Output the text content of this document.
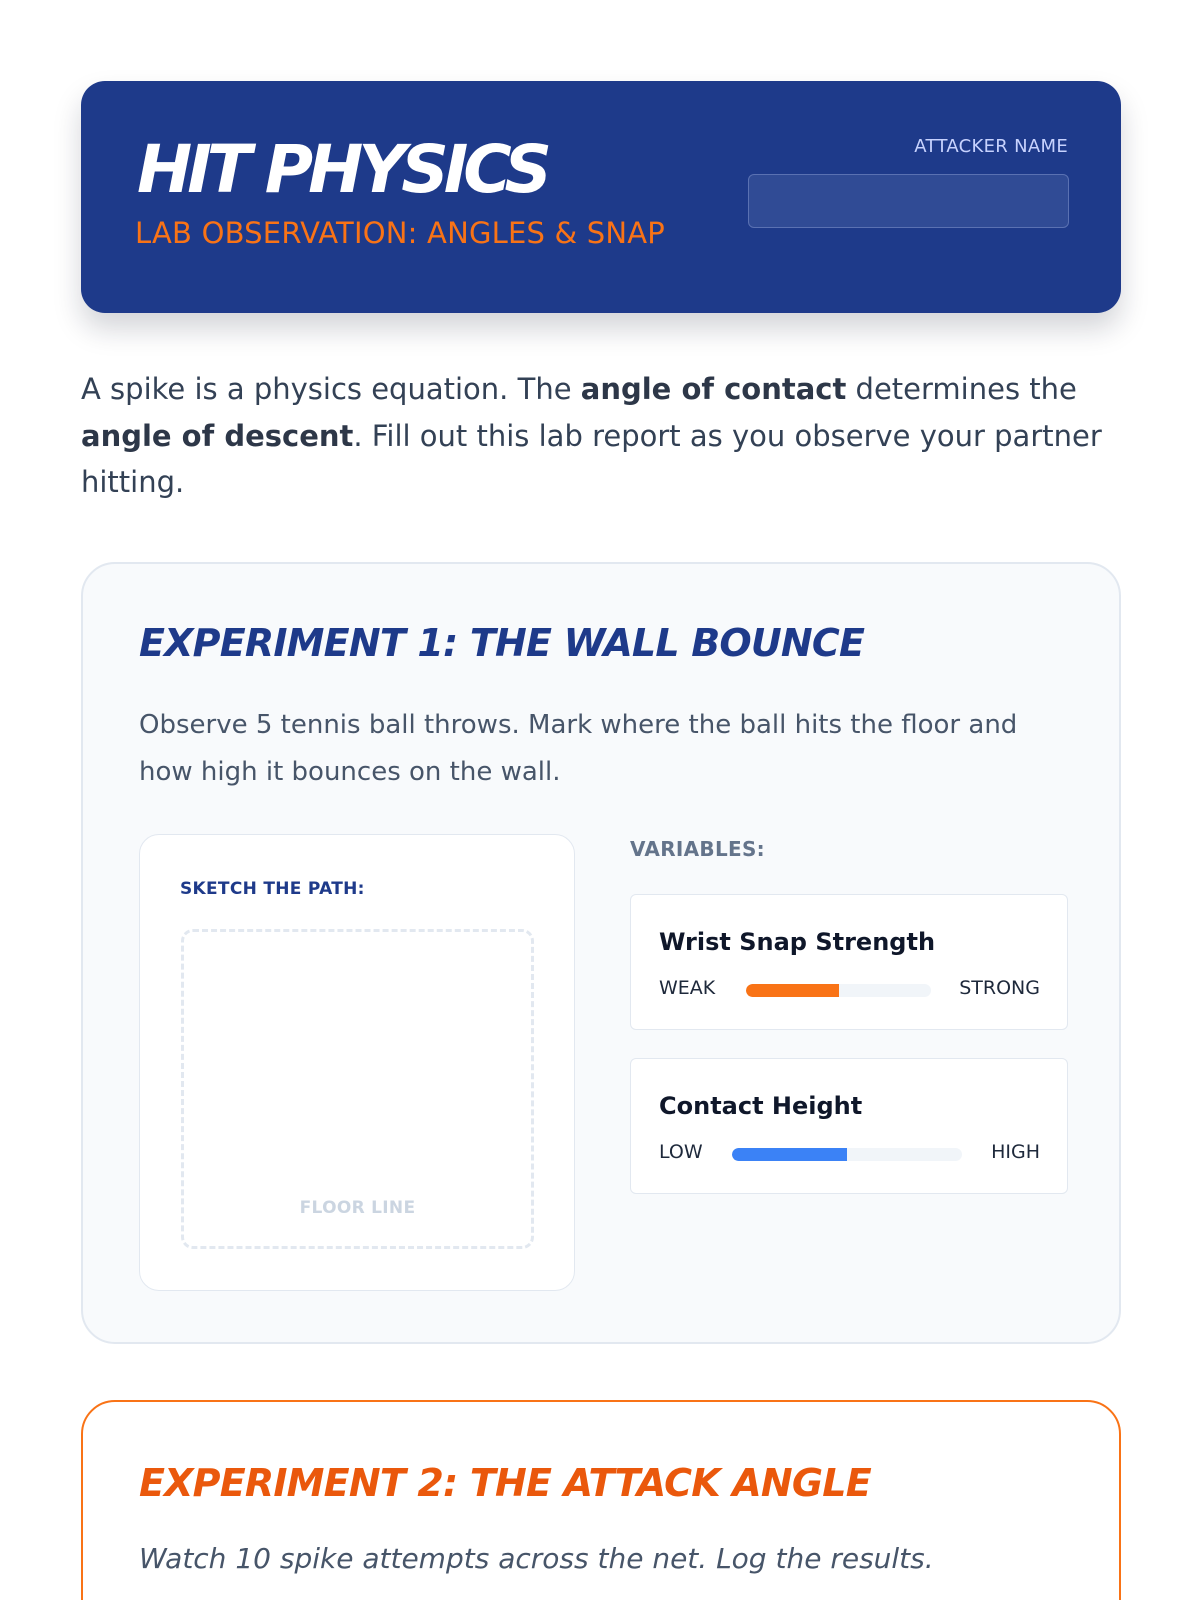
HIT PHYSICS
LAB OBSERVATION: ANGLES & SNAP
ATTACKER NAME

A spike is a physics equation. The angle of contact determines the angle of descent. Fill out this lab report as you observe your partner hitting.

EXPERIMENT 1: THE WALL BOUNCE

Observe 5 tennis ball throws. Mark where the ball hits the floor and how high it bounces on the wall.

SKETCH THE PATH:
FLOOR LINE
VARIABLES:
Wrist Snap Strength
WEAK	STRONG
Contact Height
LOW	HIGH
EXPERIMENT 2: THE ATTACK ANGLE

Watch 10 spike attempts across the net. Log the results.
